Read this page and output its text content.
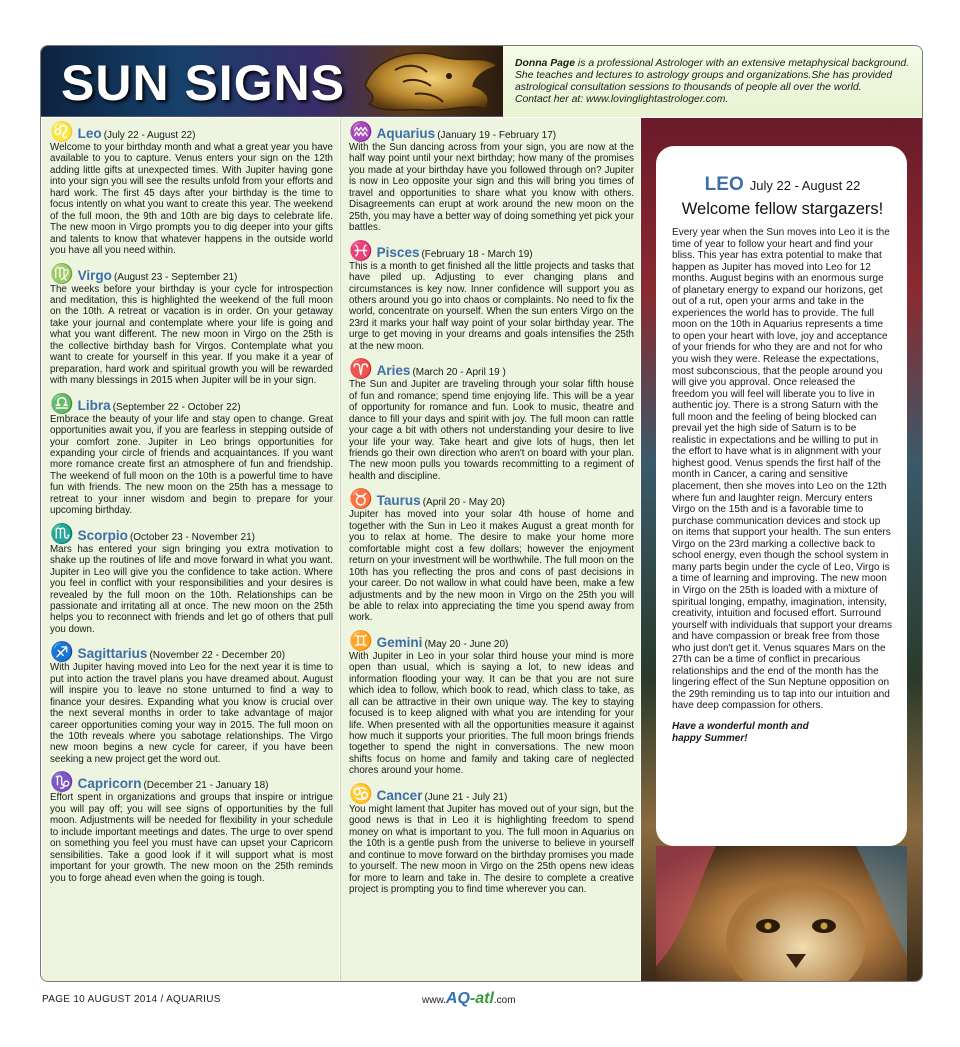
SUN SIGNS	Donna Page is a professional Astrologer with an extensive metaphysical background. She teaches and lectures to astrology groups and organizations.She has provided astrological consultation sessions to thousands of people all over the world.
Contact her at: www.lovinglightastrologer.com.
♌ Leo (July 22 - August 22)

Welcome to your birthday month and what a great year you have available to you to capture. Venus enters your sign on the 12th adding little gifts at unexpected times. With Jupiter having gone into your sign you will see the results unfold from your efforts and hard work. The first 45 days after your birthday is the time to focus intently on what you want to create this year. The weekend of the full moon, the 9th and 10th are big days to celebrate life. The new moon in Virgo prompts you to dig deeper into your gifts and talents to know that whatever happens in the outside world you have all you need within.

♍ Virgo (August 23 - September 21)

The weeks before your birthday is your cycle for introspection and meditation, this is highlighted the weekend of the full moon on the 10th. A retreat or vacation is in order. On your getaway take your journal and contemplate where your life is going and what you want different. The new moon in Virgo on the 25th is the collective birthday bash for Virgos. Contemplate what you want to create for yourself in this year. If you make it a year of preparation, hard work and spiritual growth you will be rewarded with many blessings in 2015 when Jupiter will be in your sign.

♎ Libra (September 22 - October 22)

Embrace the beauty of your life and stay open to change. Great opportunities await you, if you are fearless in stepping outside of your comfort zone. Jupiter in Leo brings opportunities for expanding your circle of friends and acquaintances. If you want more romance create first an atmosphere of fun and friendship. The weekend of full moon on the 10th is a powerful time to have fun with friends. The new moon on the 25th has a message to retreat to your inner wisdom and begin to prepare for your upcoming birthday.

♏ Scorpio (October 23 - November 21)

Mars has entered your sign bringing you extra motivation to shake up the routines of life and move forward in what you want. Jupiter in Leo will give you the confidence to take action. Where you feel in conflict with your responsibilities and your desires is revealed by the full moon on the 10th. Relationships can be passionate and irritating all at once. The new moon on the 25th helps you to reconnect with friends and let go of others that pull you down.

♐ Sagittarius (November 22 - December 20)

With Jupiter having moved into Leo for the next year it is time to put into action the travel plans you have dreamed about. August will inspire you to leave no stone unturned to find a way to finance your desires. Expanding what you know is crucial over the next several months in order to take advantage of major career opportunities coming your way in 2015. The full moon on the 10th reveals where you sabotage relationships. The Virgo new moon begins a new cycle for career, if you have been seeking a new project get the word out.

♑ Capricorn (December 21 - January 18)

Effort spent in organizations and groups that inspire or intrigue you will pay off; you will see signs of opportunities by the full moon. Adjustments will be needed for flexibility in your schedule to include important meetings and dates. The urge to over spend on something you feel you must have can upset your Capricorn sensibilities. Take a good look if it will support what is most important for your growth. The new moon on the 25th reminds you to forge ahead even when the going is tough.

♒ Aquarius (January 19 - February 17)

With the Sun dancing across from your sign, you are now at the half way point until your next birthday; how many of the promises you made at your birthday have you followed through on? Jupiter is now in Leo opposite your sign and this will bring you times of travel and opportunities to share what you know with others. Disagreements can erupt at work around the new moon on the 25th, you may have a better way of doing something yet pick your battles.

♓ Pisces (February 18 - March 19)

This is a month to get finished all the little projects and tasks that have piled up. Adjusting to ever changing plans and circumstances is key now. Inner confidence will support you as others around you go into chaos or complaints. No need to fix the world, concentrate on yourself. When the sun enters Virgo on the 23rd it marks your half way point of your solar birthday year. The urge to get moving in your dreams and goals intensifies the 25th at the new moon.

♈ Aries (March 20 - April 19 )

The Sun and Jupiter are traveling through your solar fifth house of fun and romance; spend time enjoying life. This will be a year of opportunity for romance and fun. Look to music, theatre and dance to fill your days and spirit with joy. The full moon can rattle your cage a bit with others not understanding your desire to live your life your way. Take heart and give lots of hugs, then let friends go their own direction who aren't on board with your plan. The new moon pulls you towards recommitting to a regiment of health and discipline.

♉ Taurus (April 20 - May 20)

Jupiter has moved into your solar 4th house of home and together with the Sun in Leo it makes August a great month for you to relax at home. The desire to make your home more comfortable might cost a few dollars; however the enjoyment return on your investment will be worthwhile. The full moon on the 10th has you reflecting the pros and cons of past decisions in your career. Do not wallow in what could have been, make a few adjustments and by the new moon in Virgo on the 25th you will be able to relax into appreciating the time you spend away from work.

♊ Gemini (May 20 - June 20)

With Jupiter in Leo in your solar third house your mind is more open than usual, which is saying a lot, to new ideas and information flooding your way. It can be that you are not sure which idea to follow, which book to read, which class to take, as all can be attractive in their own unique way. The key to staying focused is to keep aligned with what you are intending for your life. When presented with all the opportunities measure it against how much it supports your priorities. The full moon brings friends together to spend the night in conversations. The new moon shifts focus on home and family and taking care of neglected chores around your home.

♋ Cancer (June 21 - July 21)

You might lament that Jupiter has moved out of your sign, but the good news is that in Leo it is highlighting freedom to spend money on what is important to you. The full moon in Aquarius on the 10th is a gentle push from the universe to believe in yourself and continue to move forward on the birthday promises you made to yourself. The new moon in Virgo on the 25th opens new ideas for more to learn and take in. The desire to complete a creative project is prompting you to find time wherever you can.

LEO July 22 - August 22
Welcome fellow stargazers!

Every year when the Sun moves into Leo it is the time of year to follow your heart and find your bliss. This year has extra potential to make that happen as Jupiter has moved into Leo for 12 months. August begins with an enormous surge of planetary energy to expand our horizons, get out of a rut, open your arms and take in the experiences the world has to provide. The full moon on the 10th in Aquarius represents a time to open your heart with love, joy and acceptance of your friends for who they are and not for who you wish they were. Release the expectations, most subconscious, that the people around you will give you approval. Once released the freedom you will feel will liberate you to live in authentic joy. There is a strong Saturn with the full moon and the feeling of being blocked can prevail yet the high side of Saturn is to be realistic in expectations and be willing to put in the effort to have what is in alignment with your highest good. Venus spends the first half of the month in Cancer, a caring and sensitive placement, then she moves into Leo on the 12th where fun and laughter reign. Mercury enters Virgo on the 15th and is a favorable time to purchase communication devices and stock up on items that support your health. The sun enters Virgo on the 23rd marking a collective back to school energy, even though the school system in many parts begin under the cycle of Leo, Virgo is a time of learning and improving. The new moon in Virgo on the 25th is loaded with a mixture of spiritual longing, empathy, imagination, intensity, creativity, intuition and focused effort. Surround yourself with individuals that support your dreams and have compassion or break free from those who just don't get it. Venus squares Mars on the 27th can be a time of conflict in precarious relationships and the end of the month has the lingering effect of the Sun Neptune opposition on the 29th reminding us to tap into our intuition and have deep compassion for others.

Have a wonderful month and
happy Summer!

PAGE 10 AUGUST 2014 / AQUARIUS	www.AQ-atl.com
